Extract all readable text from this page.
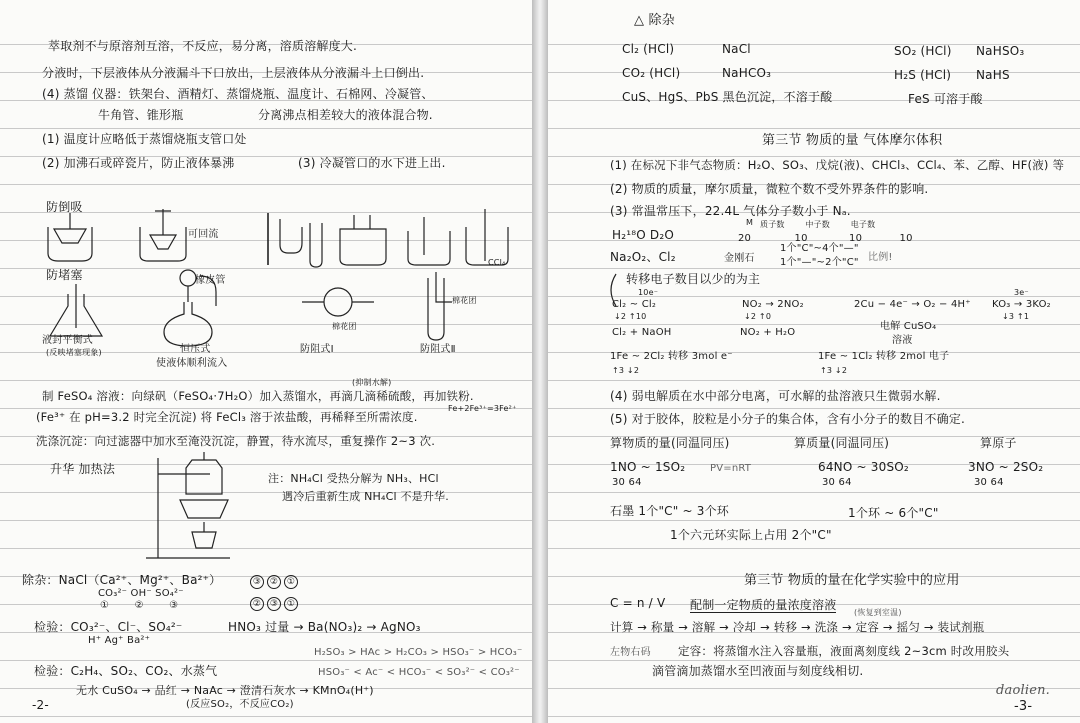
萃取剂不与原溶剂互溶，不反应，易分离，溶质溶解度大.
分液时，下层液体从分液漏斗下口放出，上层液体从分液漏斗上口倒出.
(4) 蒸馏 仪器：铁架台、酒精灯、蒸馏烧瓶、温度计、石棉网、冷凝管、
牛角管、锥形瓶	分离沸点相差较大的液体混合物.
(1) 温度计应略低于蒸馏烧瓶支管口处
(2) 加沸石或碎瓷片，防止液体暴沸	(3) 冷凝管口的水下进上出.
防倒吸
可回流
CCl₄
防堵塞	橡皮管
液封平衡式
(反映堵塞现象)	恒压式
使液体顺利流入
棉花团
防阻式Ⅰ	防阻式Ⅱ
棉花团
(抑制水解)
制 FeSO₄ 溶液：向绿矾（FeSO₄·7H₂O）加入蒸馏水，再滴几滴稀硫酸，再加铁粉.
(Fe³⁺ 在 pH=3.2 时完全沉淀) 将 FeCl₃ 溶于浓盐酸，再稀释至所需浓度.
Fe+2Fe³⁺=3Fe²⁺
洗涤沉淀：向过滤器中加水至淹没沉淀，静置，待水流尽，重复操作 2~3 次.
升华 加热法
注：NH₄Cl 受热分解为 NH₃、HCl
遇冷后重新生成 NH₄Cl 不是升华.
除杂：NaCl（Ca²⁺、Mg²⁺、Ba²⁺）
CO₃²⁻ OH⁻ SO₄²⁻
①	②	③
③ ② ①
② ③ ①
检验：CO₃²⁻、Cl⁻、SO₄²⁻
H⁺ Ag⁺ Ba²⁺
HNO₃ 过量 → Ba(NO₃)₂ → AgNO₃
H₂SO₃ > HAc > H₂CO₃ > HSO₃⁻ > HCO₃⁻
检验：C₂H₄、SO₂、CO₂、水蒸气	HSO₃⁻ < Ac⁻ < HCO₃⁻ < SO₃²⁻ < CO₃²⁻
无水 CuSO₄ → 品红 → NaAc → 澄清石灰水 → KMnO₄(H⁺)
(反应SO₂，不反应CO₂)
-2-
△ 除杂
Cl₂ (HCl)	NaCl	SO₂ (HCl) NaHSO₃
CO₂ (HCl)	NaHCO₃	H₂S (HCl) NaHS
CuS、HgS、PbS 黑色沉淀，不溶于酸	FeS 可溶于酸
第三节 物质的量 气体摩尔体积
(1) 在标况下非气态物质：H₂O、SO₃、戊烷(液)、CHCl₃、CCl₄、苯、乙醇、HF(液) 等
(2) 物质的质量，摩尔质量，微粒个数不受外界条件的影响.
(3) 常温常压下，22.4L 气体分子数小于 Nₐ.
M 质子数	中子数	电子数
H₂¹⁸O D₂O	20	10	10	10
Na₂O₂、Cl₂	金刚石
1个"C"~4个"—"
1个"—"~2个"C" 比例!
转移电子数目以少的为主
10e⁻	3e⁻
Cl₂ ~ Cl₂	NO₂ → 2NO₂	2Cu − 4e⁻ → O₂ − 4H⁺ KO₃ → 3KO₂
↓2 ↑10	↓2 ↑0	↓3 ↑1
Cl₂ + NaOH	NO₂ + H₂O
电解 CuSO₄
溶液
1Fe ~ 2Cl₂ 转移 3mol e⁻	1Fe ~ 1Cl₂ 转移 2mol 电子
↑3 ↓2	↑3 ↓2
(4) 弱电解质在水中部分电离，可水解的盐溶液只生微弱水解.
(5) 对于胶体，胶粒是小分子的集合体，含有小分子的数目不确定.
算物质的量(同温同压)	算质量(同温同压)	算原子
1NO ~ 1SO₂ PV=nRT	64NO ~ 30SO₂	3NO ~ 2SO₂
30 64	30 64	30 64
石墨 1个"C" ~ 3个环	1个环 ~ 6个"C"
1个六元环实际上占用 2个"C"
第三节 物质的量在化学实验中的应用
C = n / V 配制一定物质的量浓度溶液
(恢复到室温)
计算 → 称量 → 溶解 → 冷却 → 转移 → 洗涤 → 定容 → 摇匀 → 装试剂瓶
左物右码 定容：将蒸馏水注入容量瓶，液面离刻度线 2~3cm 时改用胶头
滴管滴加蒸馏水至凹液面与刻度线相切.
daolien.
-3-
